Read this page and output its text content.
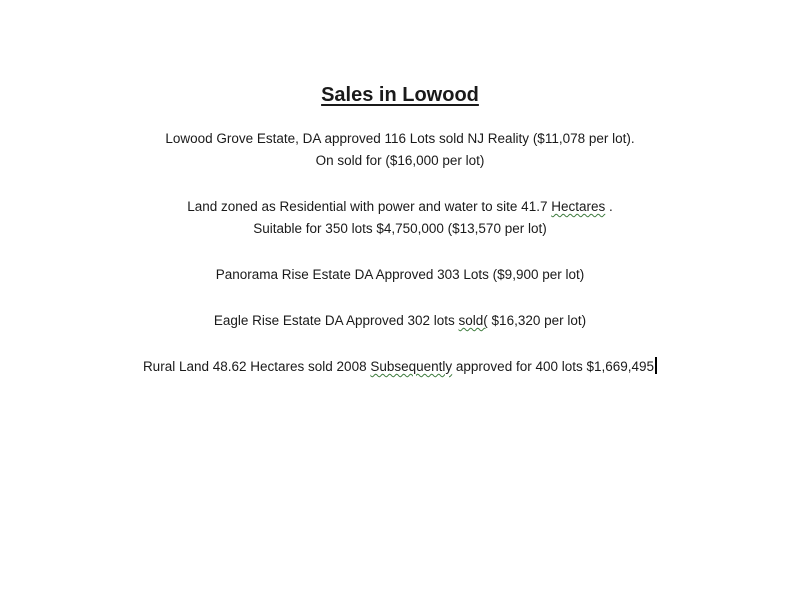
Sales in Lowood
Lowood Grove Estate, DA approved 116 Lots sold NJ Reality ($11,078 per lot).
On sold for ($16,000 per lot)
Land zoned as Residential with power and water to site 41.7 Hectares .
Suitable for 350 lots $4,750,000 ($13,570 per lot)
Panorama Rise Estate DA Approved 303 Lots ($9,900 per lot)
Eagle Rise Estate DA Approved 302 lots sold( $16,320 per lot)
Rural Land 48.62 Hectares sold 2008 Subsequently approved for 400 lots $1,669,495
